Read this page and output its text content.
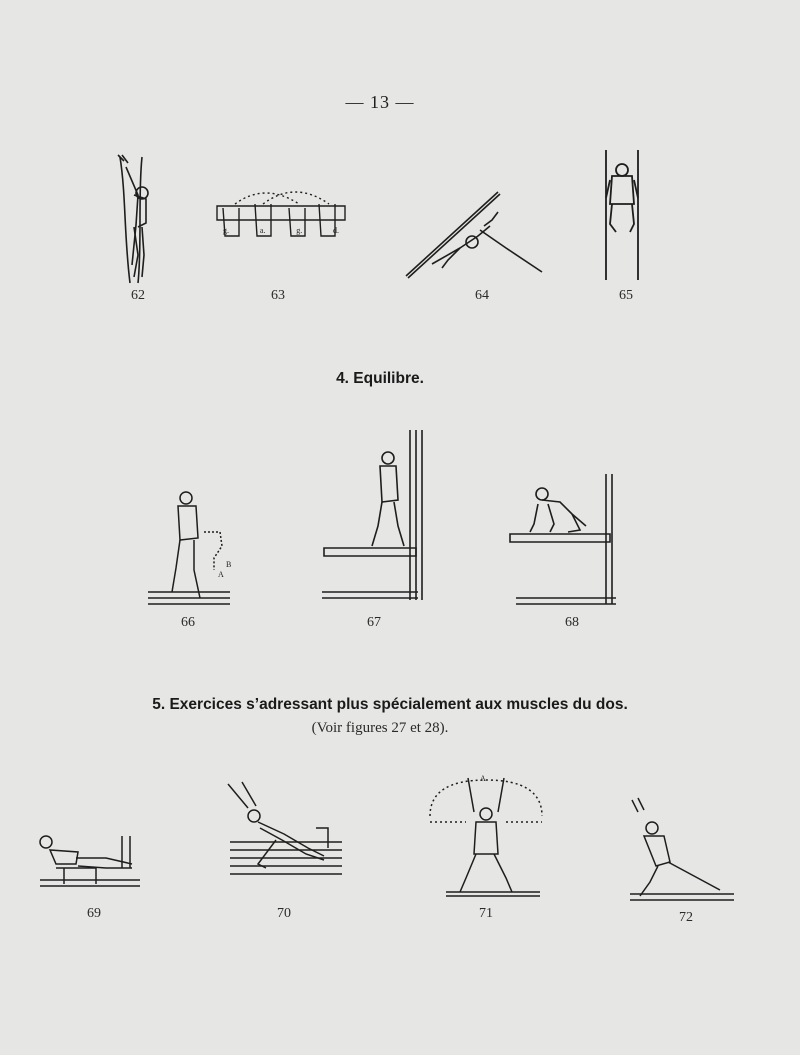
— 13 —
62
g.	a.	g.	d.
63	64	65
4. Equilibre.
B
A
66	67	68
5. Exercices s’adressant plus spécialement aux muscles du dos.
(Voir figures 27 et 28).
69	70
A
71	72
